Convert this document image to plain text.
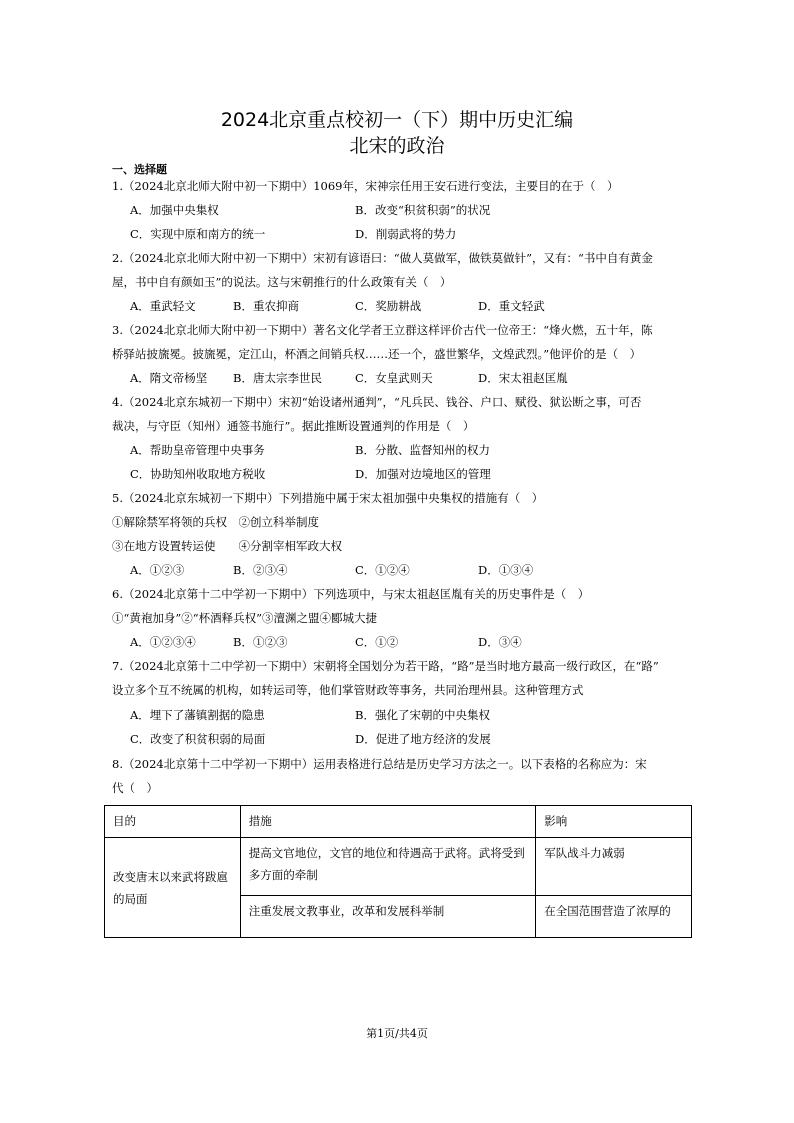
2024北京重点校初一（下）期中历史汇编
北宋的政治
一、选择题
1.（2024北京北师大附中初一下期中）1069年，宋神宗任用王安石进行变法，主要目的在于（　）
A．加强中央集权	B．改变“积贫积弱”的状况
C．实现中原和南方的统一	D．削弱武将的势力
2.（2024北京北师大附中初一下期中）宋初有谚语曰：“做人莫做军，做铁莫做针”，又有：“书中自有黄金
屋，书中自有颜如玉”的说法。这与宋朝推行的什么政策有关（　）
A．重武轻文	B．重农抑商	C．奖励耕战	D．重文轻武
3.（2024北京北师大附中初一下期中）著名文化学者王立群这样评价古代一位帝王：“烽火燃，五十年，陈
桥驿站披旒冕。披旒冕，定江山，杯酒之间销兵权……还一个，盛世繁华，文煌武烈。”他评价的是（　）
A．隋文帝杨坚 B．唐太宗李世民	C．女皇武则天	D．宋太祖赵匡胤
4.（2024北京东城初一下期中）宋初“始设诸州通判”，“凡兵民、钱谷、户口、赋役、狱讼断之事，可否
裁决，与守臣（知州）通签书施行”。据此推断设置通判的作用是（　）
A．帮助皇帝管理中央事务	B．分散、监督知州的权力
C．协助知州收取地方税收	D．加强对边境地区的管理
5.（2024北京东城初一下期中）下列措施中属于宋太祖加强中央集权的措施有（　）
①解除禁军将领的兵权　②创立科举制度
③在地方设置转运使　　④分割宰相军政大权
A．①②③	B．②③④	C．①②④	D．①③④
6.（2024北京第十二中学初一下期中）下列选项中，与宋太祖赵匡胤有关的历史事件是（　）
①“黄袍加身”②“杯酒释兵权”③澶渊之盟④郾城大捷
A．①②③④	B．①②③	C．①②	D．③④
7.（2024北京第十二中学初一下期中）宋朝将全国划分为若干路，“路”是当时地方最高一级行政区，在“路”
设立多个互不统属的机构，如转运司等，他们掌管财政等事务，共同治理州县。这种管理方式
A．埋下了藩镇割据的隐患	B．强化了宋朝的中央集权
C．改变了积贫积弱的局面	D．促进了地方经济的发展
8.（2024北京第十二中学初一下期中）运用表格进行总结是历史学习方法之一。以下表格的名称应为：宋
代（　）
目的	措施	影响
改变唐末以来武将跋扈的局面	提高文官地位，文官的地位和待遇高于武将。武将受到多方面的牵制	军队战斗力减弱
	注重发展文教事业，改革和发展科举制	在全国范围营造了浓厚的
第1页/共4页
